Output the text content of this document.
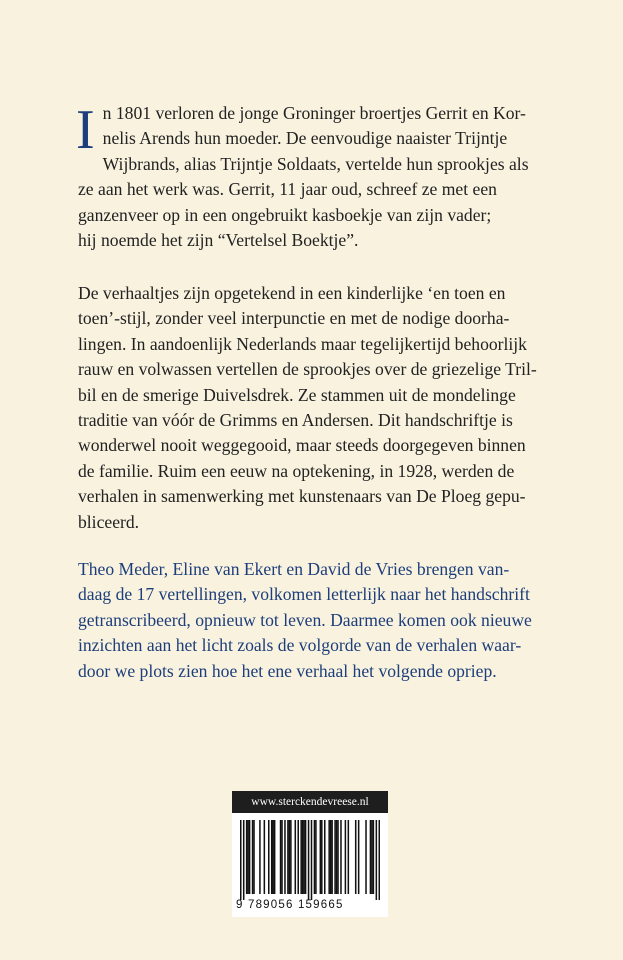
I n 1801 verloren de jonge Groninger broertjes Gerrit en Kor-
nelis Arends hun moeder. De eenvoudige naaister Trijntje
Wijbrands, alias Trijntje Soldaats, vertelde hun sprookjes als
ze aan het werk was. Gerrit, 11 jaar oud, schreef ze met een
ganzenveer op in een ongebruikt kasboekje van zijn vader;
hij noemde het zijn “Vertelsel Boektje”.
De verhaaltjes zijn opgetekend in een kinderlijke ‘en toen en
toen’-stijl, zonder veel interpunctie en met de nodige doorha-
lingen. In aandoenlijk Nederlands maar tegelijkertijd behoorlijk
rauw en volwassen vertellen de sprookjes over de griezelige Tril-
bil en de smerige Duivelsdrek. Ze stammen uit de mondelinge
traditie van vóór de Grimms en Andersen. Dit handschriftje is
wonderwel nooit weggegooid, maar steeds doorgegeven binnen
de familie. Ruim een eeuw na optekening, in 1928, werden de
verhalen in samenwerking met kunstenaars van De Ploeg gepu-
bliceerd.
Theo Meder, Eline van Ekert en David de Vries brengen van-
daag de 17 vertellingen, volkomen letterlijk naar het handschrift
getranscribeerd, opnieuw tot leven. Daarmee komen ook nieuwe
inzichten aan het licht zoals de volgorde van de verhalen waar-
door we plots zien hoe het ene verhaal het volgende opriep.
www.sterckendevreese.nl
9 789056 159665
